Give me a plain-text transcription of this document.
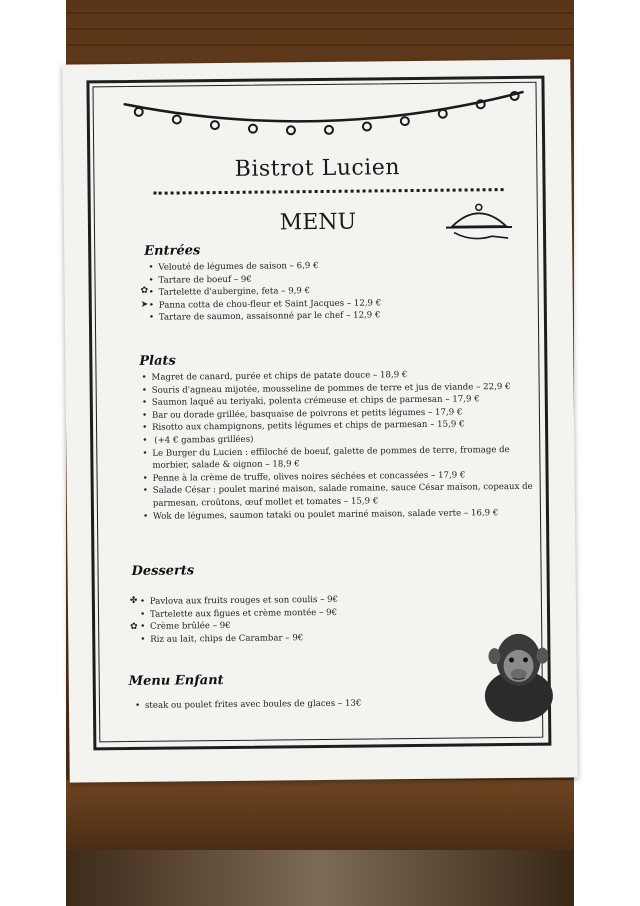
Bistrot Lucien
MENU
Entrées
• Velouté de légumes de saison – 6,9 €
• Tartare de boeuf – 9€
• Tartelette d'aubergine, feta – 9,9 €
• Panna cotta de chou-fleur et Saint Jacques – 12,9 €
• Tartare de saumon, assaisonné par le chef – 12,9 €
✿
➤
Plats
• Magret de canard, purée et chips de patate douce – 18,9 €
• Souris d'agneau mijotée, mousseline de pommes de terre et jus de viande – 22,9 €
• Saumon laqué au teriyaki, polenta crémeuse et chips de parmesan – 17,9 €
• Bar ou dorade grillée, basquaise de poivrons et petits légumes – 17,9 €
• Risotto aux champignons, petits légumes et chips de parmesan – 15,9 €
• (+4 € gambas grillées)
• Le Burger du Lucien : effiloché de boeuf, galette de pommes de terre, fromage de morbier, salade & oignon – 18,9 €
• Penne à la crème de truffe, olives noires séchées et concassées – 17,9 €
• Salade César : poulet mariné maison, salade romaine, sauce César maison, copeaux de parmesan, croûtons, œuf mollet et tomates – 15,9 €
• Wok de légumes, saumon tataki ou poulet mariné maison, salade verte – 16,9 €
Desserts
• Pavlova aux fruits rouges et son coulis – 9€
• Tartelette aux figues et crème montée – 9€
• Crème brûlée – 9€
• Riz au lait, chips de Carambar – 9€
✤
✿
Menu Enfant
• steak ou poulet frites avec boules de glaces – 13€
